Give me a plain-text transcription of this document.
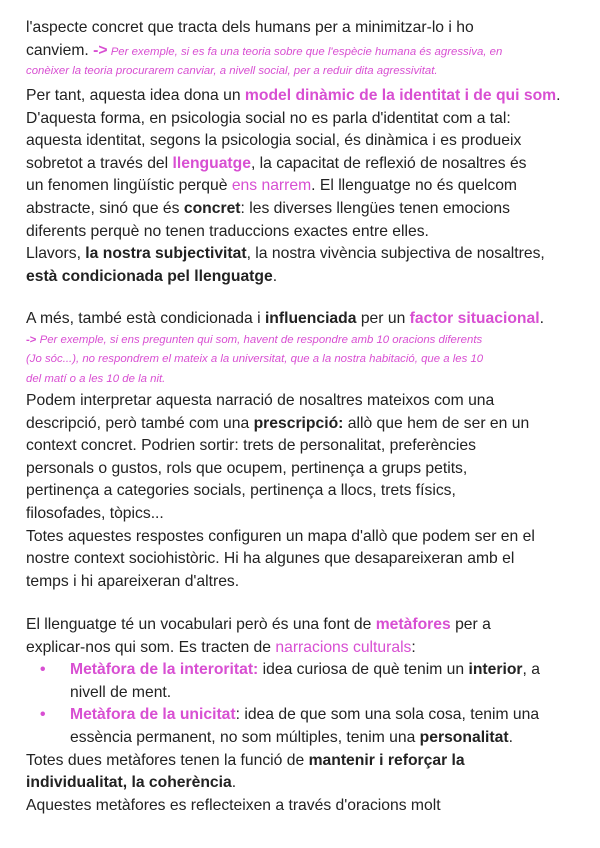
l'aspecte concret que tracta dels humans per a minimitzar-lo i ho
canviem. -> Per exemple, si es fa una teoria sobre que l'espècie humana és agressiva, en
conèixer la teoria procurarem canviar, a nivell social, per a reduir dita agressivitat.
Per tant, aquesta idea dona un model dinàmic de la identitat i de qui som.
D'aquesta forma, en psicologia social no es parla d'identitat com a tal:
aquesta identitat, segons la psicologia social, és dinàmica i es produeix
sobretot a través del llenguatge, la capacitat de reflexió de nosaltres és
un fenomen lingüístic perquè ens narrem. El llenguatge no és quelcom
abstracte, sinó que és concret: les diverses llengües tenen emocions
diferents perquè no tenen traduccions exactes entre elles.
Llavors, la nostra subjectivitat, la nostra vivència subjectiva de nosaltres,
està condicionada pel llenguatge.
A més, també està condicionada i influenciada per un factor situacional.
-> Per exemple, si ens pregunten qui som, havent de respondre amb 10 oracions diferents
(Jo sóc...), no respondrem el mateix a la universitat, que a la nostra habitació, que a les 10
del matí o a les 10 de la nit.
Podem interpretar aquesta narració de nosaltres mateixos com una
descripció, però també com una prescripció: allò que hem de ser en un
context concret. Podrien sortir: trets de personalitat, preferències
personals o gustos, rols que ocupem, pertinença a grups petits,
pertinença a categories socials, pertinença a llocs, trets físics,
filosofades, tòpics...
Totes aquestes respostes configuren un mapa d'allò que podem ser en el
nostre context sociohistòric. Hi ha algunes que desapareixeran amb el
temps i hi apareixeran d'altres.
El llenguatge té un vocabulari però és una font de metàfores per a
explicar-nos qui som. Es tracten de narracions culturals:
• Metàfora de la interoritat: idea curiosa de què tenim un interior, a
nivell de ment.
• Metàfora de la unicitat: idea de que som una sola cosa, tenim una
essència permanent, no som múltiples, tenim una personalitat.
Totes dues metàfores tenen la funció de mantenir i reforçar la
individualitat, la coherència.
Aquestes metàfores es reflecteixen a través d'oracions molt
